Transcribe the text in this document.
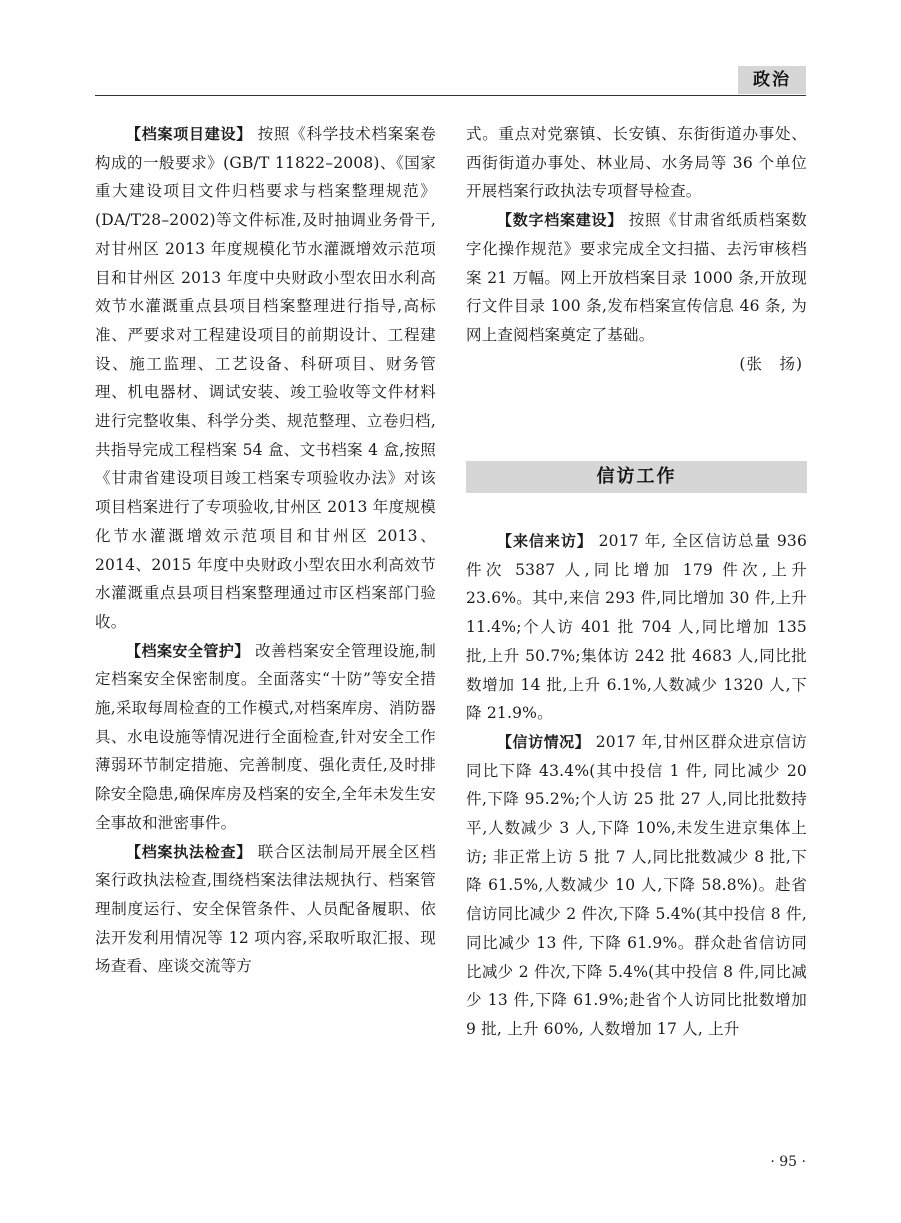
政治

【档案项目建设】 按照《科学技术档案案卷构成的一般要求》(GB/T 11822–2008)、《国家重大建设项目文件归档要求与档案整理规范》(DA/T28–2002)等文件标准,及时抽调业务骨干, 对甘州区 2013 年度规模化节水灌溉增效示范项目和甘州区 2013 年度中央财政小型农田水利高效节水灌溉重点县项目档案整理进行指导,高标准、严要求对工程建设项目的前期设计、工程建设、施工监理、工艺设备、科研项目、财务管理、机电器材、调试安装、竣工验收等文件材料进行完整收集、科学分类、规范整理、立卷归档,共指导完成工程档案 54 盒、文书档案 4 盒,按照《甘肃省建设项目竣工档案专项验收办法》对该项目档案进行了专项验收,甘州区 2013 年度规模化节水灌溉增效示范项目和甘州区 2013、2014、2015 年度中央财政小型农田水利高效节水灌溉重点县项目档案整理通过市区档案部门验收。

【档案安全管护】 改善档案安全管理设施,制定档案安全保密制度。全面落实“十防”等安全措施,采取每周检查的工作模式,对档案库房、消防器具、水电设施等情况进行全面检查,针对安全工作薄弱环节制定措施、完善制度、强化责任,及时排除安全隐患,确保库房及档案的安全,全年未发生安全事故和泄密事件。

【档案执法检查】 联合区法制局开展全区档案行政执法检查,围绕档案法律法规执行、档案管理制度运行、安全保管条件、人员配备履职、依法开发利用情况等 12 项内容,采取听取汇报、现场查看、座谈交流等方

式。重点对党寨镇、长安镇、东街街道办事处、西街街道办事处、林业局、水务局等 36 个单位开展档案行政执法专项督导检查。

【数字档案建设】 按照《甘肃省纸质档案数字化操作规范》要求完成全文扫描、去污审核档案 21 万幅。网上开放档案目录 1000 条,开放现行文件目录 100 条,发布档案宣传信息 46 条, 为网上查阅档案奠定了基础。

(张　扬)

信访工作

【来信来访】 2017 年, 全区信访总量 936 件次 5387 人,同比增加 179 件次,上升 23.6%。其中,来信 293 件,同比增加 30 件,上升 11.4%;个人访 401 批 704 人,同比增加 135 批,上升 50.7%;集体访 242 批 4683 人,同比批数增加 14 批,上升 6.1%,人数减少 1320 人,下降 21.9%。

【信访情况】 2017 年,甘州区群众进京信访同比下降 43.4%(其中投信 1 件, 同比减少 20 件,下降 95.2%;个人访 25 批 27 人,同比批数持平,人数减少 3 人,下降 10%,未发生进京集体上访; 非正常上访 5 批 7 人,同比批数减少 8 批,下降 61.5%,人数减少 10 人,下降 58.8%)。赴省信访同比减少 2 件次,下降 5.4%(其中投信 8 件,同比减少 13 件, 下降 61.9%。群众赴省信访同比减少 2 件次,下降 5.4%(其中投信 8 件,同比减少 13 件,下降 61.9%;赴省个人访同比批数增加 9 批, 上升 60%, 人数增加 17 人, 上升

· 95 ·
